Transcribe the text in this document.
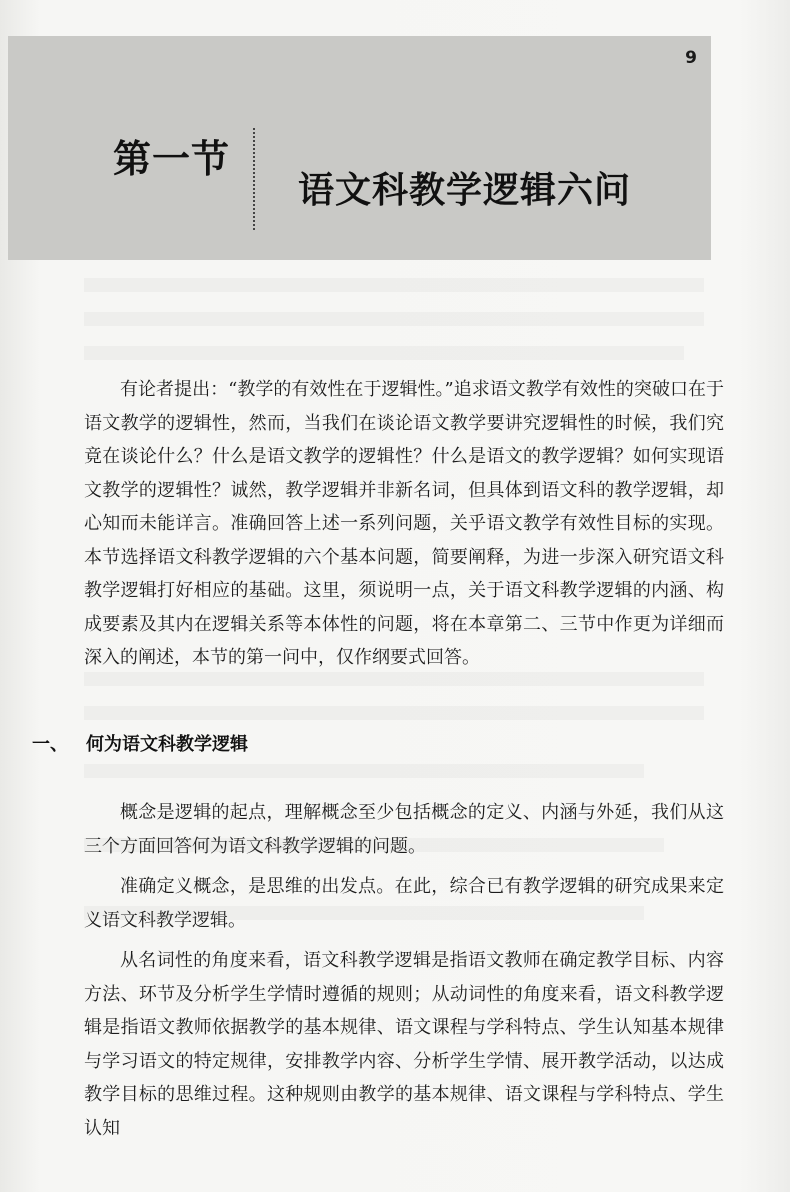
9
第一节
语文科教学逻辑六问

有论者提出：“教学的有效性在于逻辑性。”追求语文教学有效性的突破口在于语文教学的逻辑性，然而，当我们在谈论语文教学要讲究逻辑性的时候，我们究竟在谈论什么？什么是语文教学的逻辑性？什么是语文的教学逻辑？如何实现语文教学的逻辑性？诚然，教学逻辑并非新名词，但具体到语文科的教学逻辑，却心知而未能详言。准确回答上述一系列问题，关乎语文教学有效性目标的实现。本节选择语文科教学逻辑的六个基本问题，简要阐释，为进一步深入研究语文科教学逻辑打好相应的基础。这里，须说明一点，关于语文科教学逻辑的内涵、构成要素及其内在逻辑关系等本体性的问题，将在本章第二、三节中作更为详细而深入的阐述，本节的第一问中，仅作纲要式回答。

一、 何为语文科教学逻辑

概念是逻辑的起点，理解概念至少包括概念的定义、内涵与外延，我们从这三个方面回答何为语文科教学逻辑的问题。

准确定义概念，是思维的出发点。在此，综合已有教学逻辑的研究成果来定义语文科教学逻辑。

从名词性的角度来看，语文科教学逻辑是指语文教师在确定教学目标、内容方法、环节及分析学生学情时遵循的规则；从动词性的角度来看，语文科教学逻辑是指语文教师依据教学的基本规律、语文课程与学科特点、学生认知基本规律与学习语文的特定规律，安排教学内容、分析学生学情、展开教学活动，以达成教学目标的思维过程。这种规则由教学的基本规律、语文课程与学科特点、学生认知
